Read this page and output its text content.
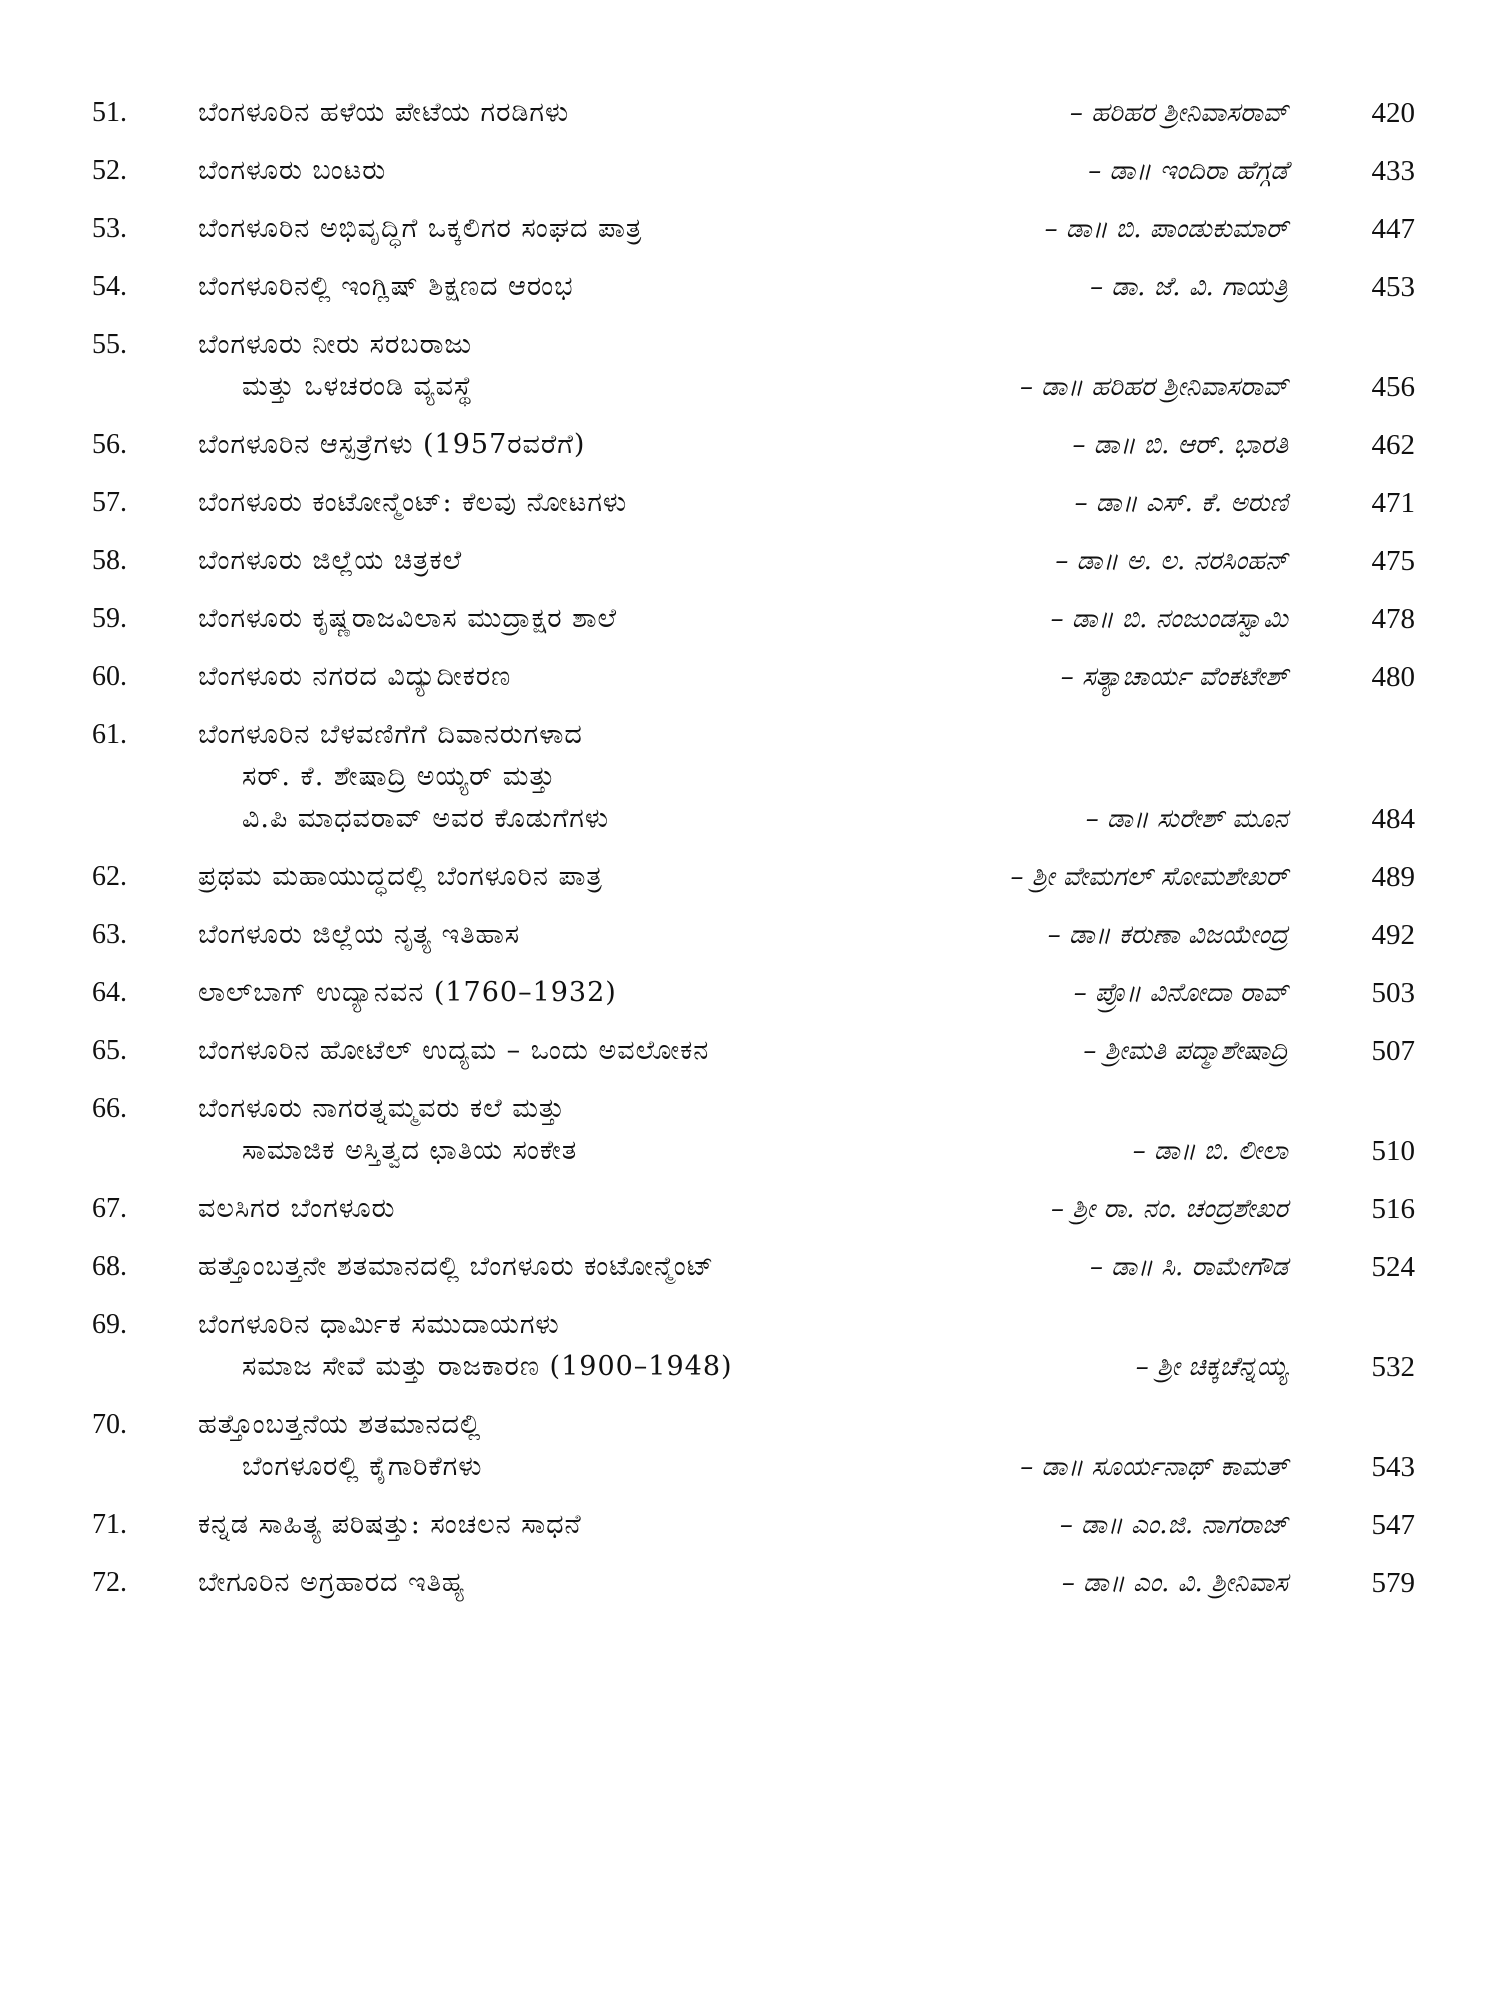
51.	ಬೆಂಗಳೂರಿನ ಹಳೆಯ ಪೇಟೆಯ ಗರಡಿಗಳು	– ಹರಿಹರ ಶ್ರೀನಿವಾಸರಾವ್	420
52.	ಬೆಂಗಳೂರು ಬಂಟರು	– ಡಾ॥ ಇಂದಿರಾ ಹೆಗ್ಗಡೆ	433
53.	ಬೆಂಗಳೂರಿನ ಅಭಿವೃದ್ಧಿಗೆ ಒಕ್ಕಲಿಗರ ಸಂಘದ ಪಾತ್ರ	– ಡಾ॥ ಬಿ. ಪಾಂಡುಕುಮಾರ್	447
54.	ಬೆಂಗಳೂರಿನಲ್ಲಿ ಇಂಗ್ಲಿಷ್ ಶಿಕ್ಷಣದ ಆರಂಭ	– ಡಾ. ಜೆ. ವಿ. ಗಾಯತ್ರಿ	453
55.	ಬೆಂಗಳೂರು ನೀರು ಸರಬರಾಜು
ಮತ್ತು ಒಳಚರಂಡಿ ವ್ಯವಸ್ಥೆ	– ಡಾ॥ ಹರಿಹರ ಶ್ರೀನಿವಾಸರಾವ್	456
56.	ಬೆಂಗಳೂರಿನ ಆಸ್ಪತ್ರೆಗಳು (1957ರವರೆಗೆ)	– ಡಾ॥ ಬಿ. ಆರ್. ಭಾರತಿ	462
57.	ಬೆಂಗಳೂರು ಕಂಟೋನ್ಮೆಂಟ್: ಕೆಲವು ನೋಟಗಳು	– ಡಾ॥ ಎಸ್. ಕೆ. ಅರುಣಿ	471
58.	ಬೆಂಗಳೂರು ಜಿಲ್ಲೆಯ ಚಿತ್ರಕಲೆ	– ಡಾ॥ ಅ. ಲ. ನರಸಿಂಹನ್	475
59.	ಬೆಂಗಳೂರು ಕೃಷ್ಣರಾಜವಿಲಾಸ ಮುದ್ರಾಕ್ಷರ ಶಾಲೆ	– ಡಾ॥ ಬಿ. ನಂಜುಂಡಸ್ವಾಮಿ	478
60.	ಬೆಂಗಳೂರು ನಗರದ ವಿದ್ಯುದೀಕರಣ	– ಸತ್ಯಾಚಾರ್ಯ ವೆಂಕಟೇಶ್	480
61.	ಬೆಂಗಳೂರಿನ ಬೆಳವಣಿಗೆಗೆ ದಿವಾನರುಗಳಾದ
ಸರ್. ಕೆ. ಶೇಷಾದ್ರಿ ಅಯ್ಯರ್ ಮತ್ತು
ವಿ.ಪಿ ಮಾಧವರಾವ್ ಅವರ ಕೊಡುಗೆಗಳು	– ಡಾ॥ ಸುರೇಶ್ ಮೂನ	484
62.	ಪ್ರಥಮ ಮಹಾಯುದ್ಧದಲ್ಲಿ ಬೆಂಗಳೂರಿನ ಪಾತ್ರ	– ಶ್ರೀ ವೇಮಗಲ್ ಸೋಮಶೇಖರ್	489
63.	ಬೆಂಗಳೂರು ಜಿಲ್ಲೆಯ ನೃತ್ಯ ಇತಿಹಾಸ	– ಡಾ॥ ಕರುಣಾ ವಿಜಯೇಂದ್ರ	492
64.	ಲಾಲ್‌ಬಾಗ್ ಉದ್ಯಾನವನ (1760–1932)	– ಪ್ರೊ॥ ವಿನೋದಾ ರಾವ್	503
65.	ಬೆಂಗಳೂರಿನ ಹೋಟೆಲ್ ಉದ್ಯಮ – ಒಂದು ಅವಲೋಕನ	– ಶ್ರೀಮತಿ ಪದ್ಮಾಶೇಷಾದ್ರಿ	507
66.	ಬೆಂಗಳೂರು ನಾಗರತ್ನಮ್ಮವರು ಕಲೆ ಮತ್ತು
ಸಾಮಾಜಿಕ ಅಸ್ತಿತ್ವದ ಛಾತಿಯ ಸಂಕೇತ	– ಡಾ॥ ಬಿ. ಲೀಲಾ	510
67.	ವಲಸಿಗರ ಬೆಂಗಳೂರು	– ಶ್ರೀ ರಾ. ನಂ. ಚಂದ್ರಶೇಖರ	516
68.	ಹತ್ತೊಂಬತ್ತನೇ ಶತಮಾನದಲ್ಲಿ ಬೆಂಗಳೂರು ಕಂಟೋನ್ಮೆಂಟ್	– ಡಾ॥ ಸಿ. ರಾಮೇಗೌಡ	524
69.	ಬೆಂಗಳೂರಿನ ಧಾರ್ಮಿಕ ಸಮುದಾಯಗಳು
ಸಮಾಜ ಸೇವೆ ಮತ್ತು ರಾಜಕಾರಣ (1900–1948)	– ಶ್ರೀ ಚಿಕ್ಕಚೆನ್ನಯ್ಯ	532
70.	ಹತ್ತೊಂಬತ್ತನೆಯ ಶತಮಾನದಲ್ಲಿ
ಬೆಂಗಳೂರಲ್ಲಿ ಕೈಗಾರಿಕೆಗಳು	– ಡಾ॥ ಸೂರ್ಯನಾಥ್ ಕಾಮತ್	543
71.	ಕನ್ನಡ ಸಾಹಿತ್ಯ ಪರಿಷತ್ತು: ಸಂಚಲನ ಸಾಧನೆ	– ಡಾ॥ ಎಂ.ಜಿ. ನಾಗರಾಜ್	547
72.	ಬೇಗೂರಿನ ಅಗ್ರಹಾರದ ಇತಿಹ್ಯ	– ಡಾ॥ ಎಂ. ವಿ. ಶ್ರೀನಿವಾಸ	579
